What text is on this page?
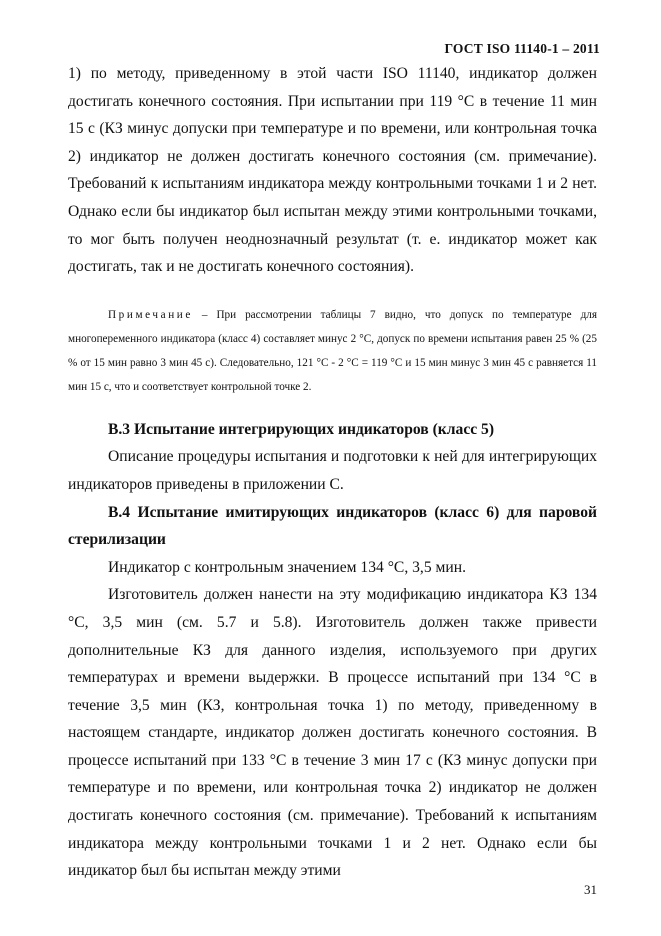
ГОСТ ISO 11140-1 – 2011

1) по методу, приведенному в этой части ISO 11140, индикатор должен достигать конечного состояния. При испытании при 119 °С в течение 11 мин 15 с (КЗ минус допуски при температуре и по времени, или контрольная точка 2) индикатор не должен достигать конечного состояния (см. примечание). Требований к испытаниям индикатора между контрольными точками 1 и 2 нет. Однако если бы индикатор был испытан между этими контрольными точками, то мог быть получен неоднозначный результат (т. е. индикатор может как достигать, так и не достигать конечного состояния).

Примечание – При рассмотрении таблицы 7 видно, что допуск по температуре для многопеременного индикатора (класс 4) составляет минус 2 °С, допуск по времени испытания равен 25 % (25 % от 15 мин равно 3 мин 45 с). Следовательно, 121 °С - 2 °С = 119 °С и 15 мин минус 3 мин 45 с равняется 11 мин 15 с, что и соответствует контрольной точке 2.

В.3 Испытание интегрирующих индикаторов (класс 5)

Описание процедуры испытания и подготовки к ней для интегрирующих индикаторов приведены в приложении С.

В.4 Испытание имитирующих индикаторов (класс 6) для паровой стерилизации

Индикатор с контрольным значением 134 °С, 3,5 мин.

Изготовитель должен нанести на эту модификацию индикатора КЗ 134 °С, 3,5 мин (см. 5.7 и 5.8). Изготовитель должен также привести дополнительные КЗ для данного изделия, используемого при других температурах и времени выдержки. В процессе испытаний при 134 °С в течение 3,5 мин (КЗ, контрольная точка 1) по методу, приведенному в настоящем стандарте, индикатор должен достигать конечного состояния. В процессе испытаний при 133 °С в течение 3 мин 17 с (КЗ минус допуски при температуре и по времени, или контрольная точка 2) индикатор не должен достигать конечного состояния (см. примечание). Требований к испытаниям индикатора между контрольными точками 1 и 2 нет. Однако если бы индикатор был бы испытан между этими

31
